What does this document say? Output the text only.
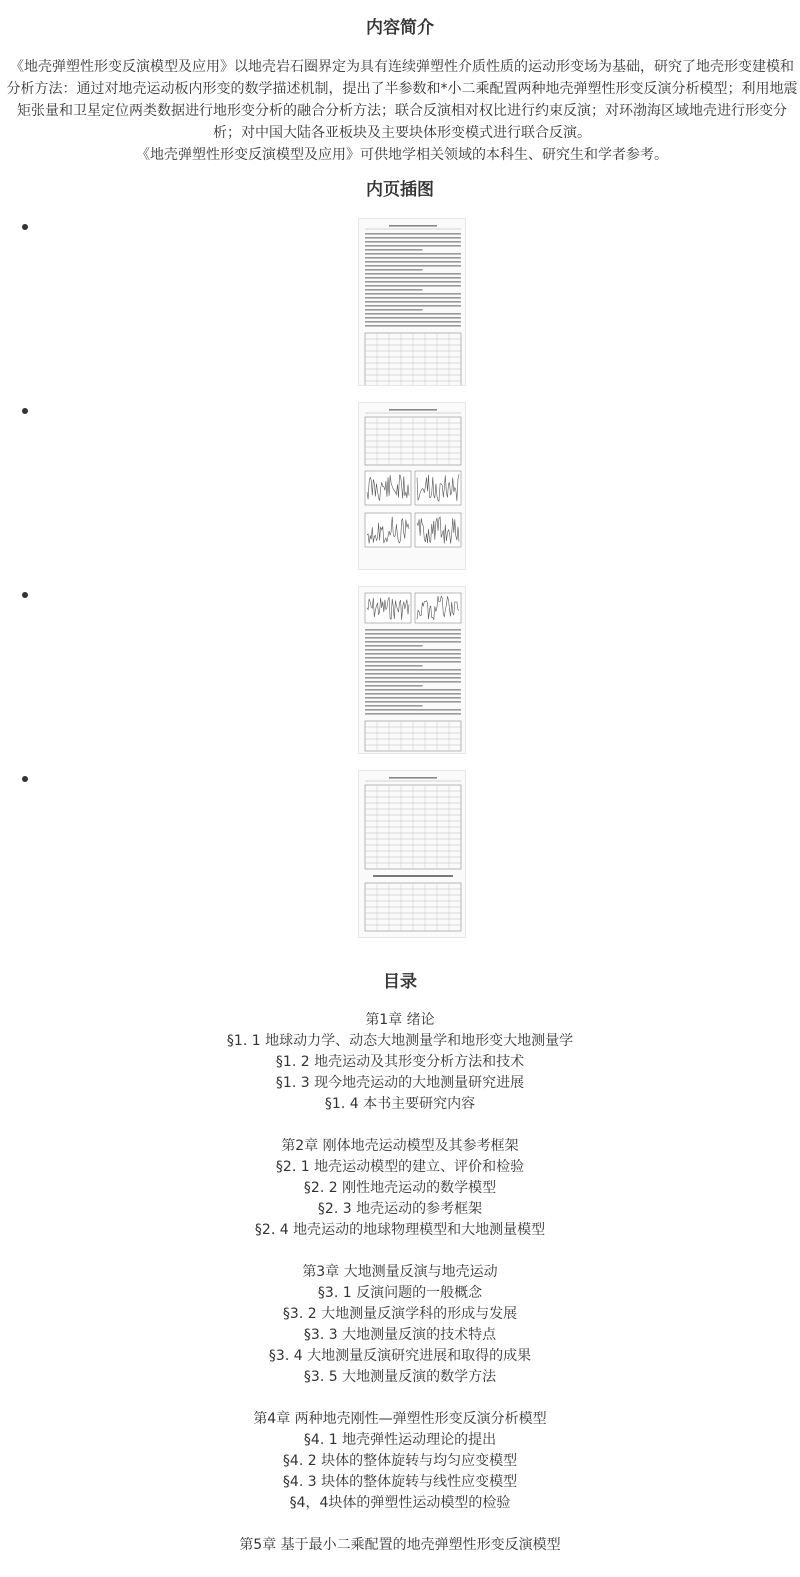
内容简介

《地壳弹塑性形变反演模型及应用》以地壳岩石圈界定为具有连续弹塑性介质性质的运动形变场为基础，研究了地壳形变建模和分析方法：通过对地壳运动板内形变的数学描述机制，提出了半参数和*小二乘配置两种地壳弹塑性形变反演分析模型；利用地震矩张量和卫星定位两类数据进行地形变分析的融合分析方法；联合反演相对权比进行约束反演；对环渤海区域地壳进行形变分析；对中国大陆各亚板块及主要块体形变模式进行联合反演。

《地壳弹塑性形变反演模型及应用》可供地学相关领域的本科生、研究生和学者参考。

内页插图
目录

第1章 绪论

§1. 1 地球动力学、动态大地测量学和地形变大地测量学

§1. 2 地壳运动及其形变分析方法和技术

§1. 3 现今地壳运动的大地测量研究进展

§1. 4 本书主要研究内容

第2章 刚体地壳运动模型及其参考框架

§2. 1 地壳运动模型的建立、评价和检验

§2. 2 刚性地壳运动的数学模型

§2. 3 地壳运动的参考框架

§2. 4 地壳运动的地球物理模型和大地测量模型

第3章 大地测量反演与地壳运动

§3. 1 反演问题的一般概念

§3. 2 大地测量反演学科的形成与发展

§3. 3 大地测量反演的技术特点

§3. 4 大地测量反演研究进展和取得的成果

§3. 5 大地测量反演的数学方法

第4章 两种地壳刚性—弹塑性形变反演分析模型

§4. 1 地壳弹性运动理论的提出

§4. 2 块体的整体旋转与均匀应变模型

§4. 3 块体的整体旋转与线性应变模型

§4，4块体的弹塑性运动模型的检验

第5章 基于最小二乘配置的地壳弹塑性形变反演模型
